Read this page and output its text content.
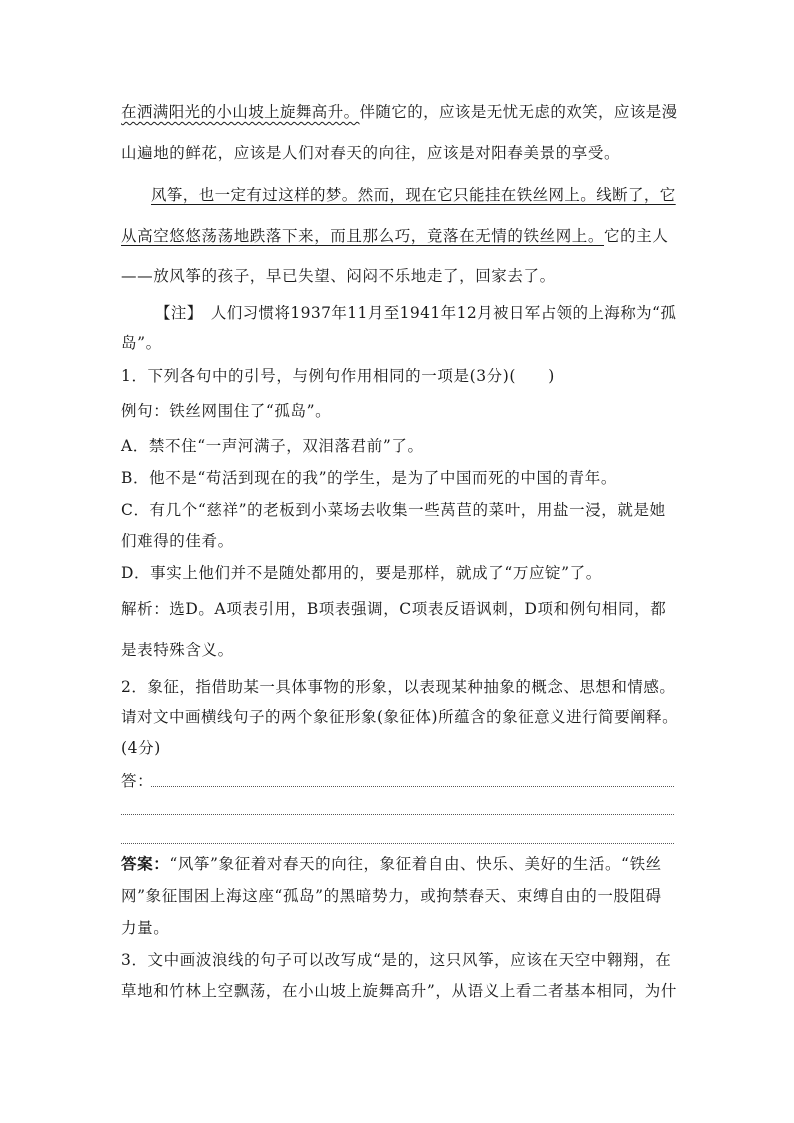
在洒满阳光的小山坡上旋舞高升。伴随它的，应该是无忧无虑的欢笑，应该是漫
山遍地的鲜花，应该是人们对春天的向往，应该是对阳春美景的享受。
风筝，也一定有过这样的梦。然而，现在它只能挂在铁丝网上。线断了，它
从高空悠悠荡荡地跌落下来，而且那么巧，竟落在无情的铁丝网上。它的主人
——放风筝的孩子，早已失望、闷闷不乐地走了，回家去了。
【注】　人们习惯将1937年11月至1941年12月被日军占领的上海称为“孤
岛”。
1．下列各句中的引号，与例句作用相同的一项是(3分)(　　)
例句：铁丝网围住了“孤岛”。
A．禁不住“一声河满子，双泪落君前”了。
B．他不是“苟活到现在的我”的学生，是为了中国而死的中国的青年。
C．有几个“慈祥”的老板到小菜场去收集一些莴苣的菜叶，用盐一浸，就是她
们难得的佳肴。
D．事实上他们并不是随处都用的，要是那样，就成了“万应锭”了。
解析：选D。A项表引用，B项表强调，C项表反语讽刺，D项和例句相同，都
是表特殊含义。
2．象征，指借助某一具体事物的形象，以表现某种抽象的概念、思想和情感。
请对文中画横线句子的两个象征形象(象征体)所蕴含的象征意义进行简要阐释。
(4分)
答：
答案：“风筝”象征着对春天的向往，象征着自由、快乐、美好的生活。“铁丝
网”象征围困上海这座“孤岛”的黑暗势力，或拘禁春天、束缚自由的一股阻碍
力量。
3．文中画波浪线的句子可以改写成“是的，这只风筝，应该在天空中翱翔，在
草地和竹林上空飘荡，在小山坡上旋舞高升”，从语义上看二者基本相同，为什
